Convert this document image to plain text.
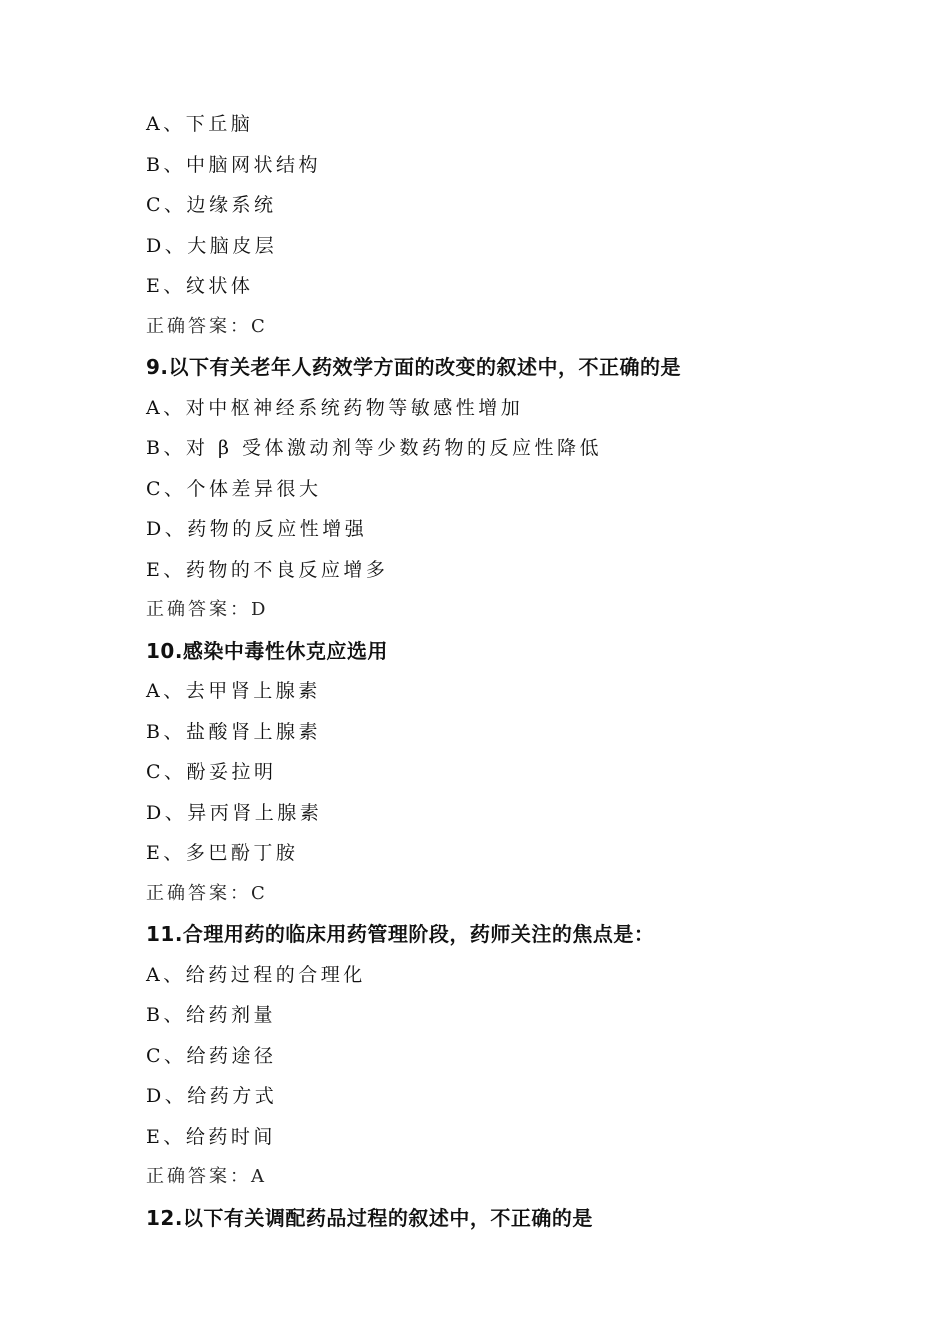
A、下丘脑
B、中脑网状结构
C、边缘系统
D、大脑皮层
E、纹状体
正确答案：C
9.以下有关老年人药效学方面的改变的叙述中，不正确的是
A、对中枢神经系统药物等敏感性增加
B、对 β 受体激动剂等少数药物的反应性降低
C、个体差异很大
D、药物的反应性增强
E、药物的不良反应增多
正确答案：D
10.感染中毒性休克应选用
A、去甲肾上腺素
B、盐酸肾上腺素
C、酚妥拉明
D、异丙肾上腺素
E、多巴酚丁胺
正确答案：C
11.合理用药的临床用药管理阶段，药师关注的焦点是：
A、给药过程的合理化
B、给药剂量
C、给药途径
D、给药方式
E、给药时间
正确答案：A
12.以下有关调配药品过程的叙述中，不正确的是
